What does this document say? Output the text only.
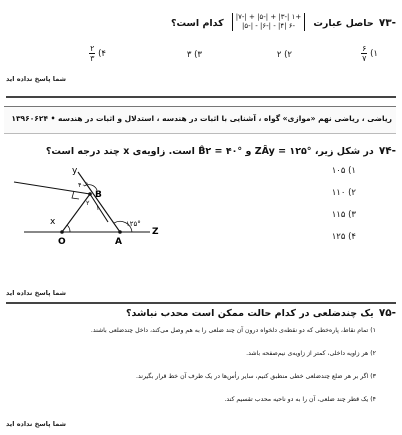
-۷۳ حاصل عبارت
|۷-| + |۵-| + |۳-| ۱+
|۵-| - |۶-| - |۴| ۶-
کدام است؟
۱)
$\frac{۶}{۷}$
۲) ۲
۳) ۳
۴)
$\frac{۲}{۳}$
شما پاسخ نداده اید
ریاضی ، ریاضی نهم «موازی» گواه ، آشنایی با اثبات در هندسه ، استدلال و اثبات در هندسه • ۱۳۹۶۰۶۲۴
-۷۴ در شکل زیر، °۱۲۵ = ZÂy و °۴۰ = B̂۲ است. زاویه‌ی x چند درجه است؟
۱) ۱۰۵
۲) ۱۱۰
۳) ۱۱۵
۴) ۱۲۵
y
۴۰°
B
۲
۱
۱۲۵°
x
O	A
Z
شما پاسخ نداده اید
-۷۵ یک چندضلعی در کدام حالت ممکن است محدب نباشد؟
۱) تمام نقاط، پاره‌خطی که دو نقطه‌ی دلخواه درون آن چند ضلعی را به هم وصل می‌کند، داخل چندضلعی باشند.
۲) هر زاویه داخلی، کمتر از زاویه‌ی نیم‌صفحه باشد.
۳) اگر بر هر ضلع چندضلعی خطی منطبق کنیم، سایر رأس‌ها در یک طرف آن خط قرار بگیرند.
۴) یک قطر چند ضلعی، آن را به دو ناحیه محدب تقسیم کند.
شما پاسخ نداده اید
